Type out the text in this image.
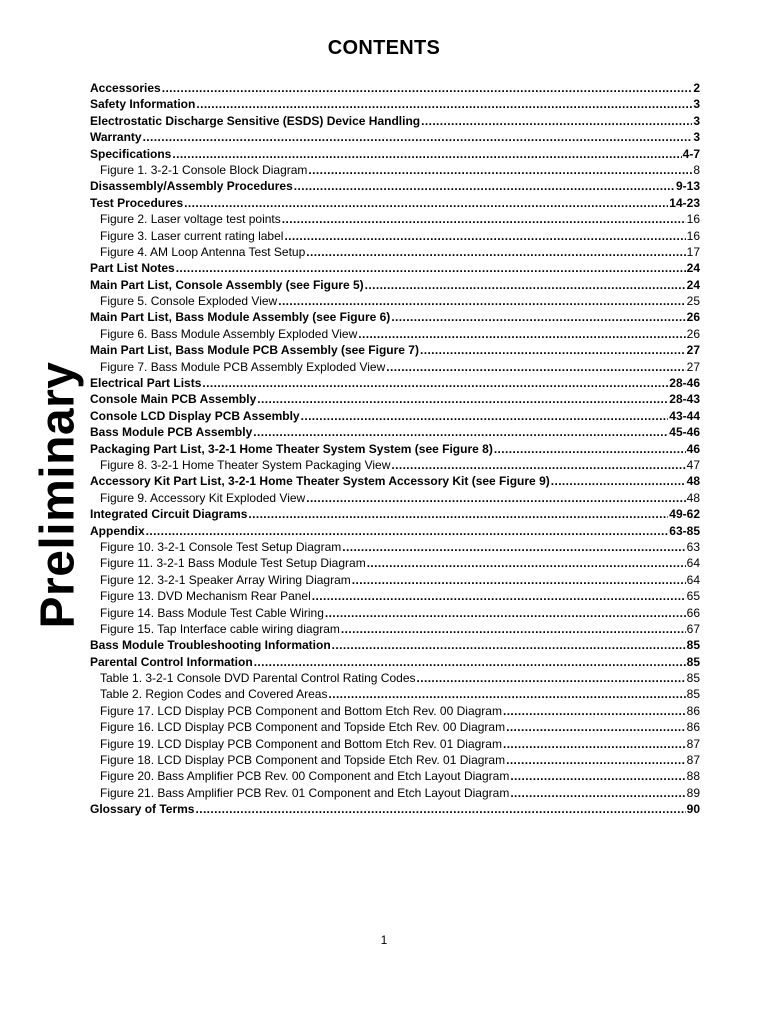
CONTENTS
Preliminary
Accessories .....	2
Safety Information .....	3
Electrostatic Discharge Sensitive (ESDS) Device Handling .....	3
Warranty .....	3
Specifications .....	4-7
Figure 1. 3-2-1 Console Block Diagram .....	8
Disassembly/Assembly Procedures .....	9-13
Test Procedures .....	14-23
Figure 2. Laser voltage test points .....	16
Figure 3. Laser current rating label .....	16
Figure 4. AM Loop Antenna Test Setup .....	17
Part List Notes .....	24
Main Part List, Console Assembly (see Figure 5) .....	24
Figure 5. Console Exploded View .....	25
Main Part List, Bass Module Assembly (see Figure 6) .....	26
Figure 6. Bass Module Assembly Exploded View .....	26
Main Part List, Bass Module PCB Assembly (see Figure 7) .....	27
Figure 7. Bass Module PCB Assembly Exploded View .....	27
Electrical Part Lists .....	28-46
Console Main PCB Assembly .....	28-43
Console LCD Display PCB Assembly .....	43-44
Bass Module PCB Assembly .....	45-46
Packaging Part List, 3-2-1 Home Theater System System (see Figure 8) .....	46
Figure 8. 3-2-1 Home Theater System Packaging View .....	47
Accessory Kit Part List, 3-2-1 Home Theater System Accessory Kit (see Figure 9) .....	48
Figure 9. Accessory Kit Exploded View .....	48
Integrated Circuit Diagrams .....	49-62
Appendix .....	63-85
Figure 10. 3-2-1 Console Test Setup Diagram .....	63
Figure 11. 3-2-1 Bass Module Test Setup Diagram .....	64
Figure 12. 3-2-1 Speaker Array Wiring Diagram .....	64
Figure 13. DVD Mechanism Rear Panel .....	65
Figure 14. Bass Module Test Cable Wiring .....	66
Figure 15. Tap Interface cable wiring diagram .....	67
Bass Module Troubleshooting Information .....	85
Parental Control Information .....	85
Table 1. 3-2-1 Console DVD Parental Control Rating Codes .....	85
Table 2. Region Codes and Covered Areas .....	85
Figure 17. LCD Display PCB Component and Bottom Etch Rev. 00 Diagram .....	86
Figure 16. LCD Display PCB Component and Topside Etch Rev. 00 Diagram .....	86
Figure 19. LCD Display PCB Component and Bottom Etch Rev. 01 Diagram .....	87
Figure 18. LCD Display PCB Component and Topside Etch Rev. 01 Diagram .....	87
Figure 20. Bass Amplifier PCB Rev. 00 Component and Etch Layout Diagram .....	88
Figure 21. Bass Amplifier PCB Rev. 01 Component and Etch Layout Diagram .....	89
Glossary of Terms .....	90
1
